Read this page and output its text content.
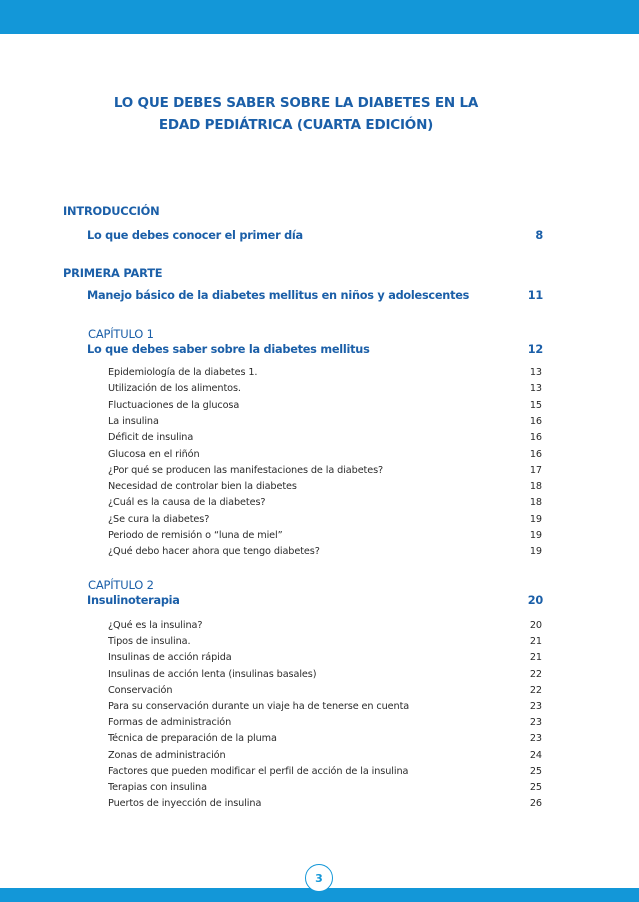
LO QUE DEBES SABER SOBRE LA DIABETES EN LA
EDAD PEDIÁTRICA (CUARTA EDICIÓN)
INTRODUCCIÓN
Lo que debes conocer el primer día	8
PRIMERA PARTE
Manejo básico de la diabetes mellitus en niños y adolescentes	11
CAPÍTULO 1
Lo que debes saber sobre la diabetes mellitus	12
Epidemiología de la diabetes 1.	13
Utilización de los alimentos.	13
Fluctuaciones de la glucosa	15
La insulina	16
Déficit de insulina	16
Glucosa en el riñón	16
¿Por qué se producen las manifestaciones de la diabetes?	17
Necesidad de controlar bien la diabetes	18
¿Cuál es la causa de la diabetes?	18
¿Se cura la diabetes?	19
Periodo de remisión o “luna de miel”	19
¿Qué debo hacer ahora que tengo diabetes?	19
CAPÍTULO 2
Insulinoterapia	20
¿Qué es la insulina?	20
Tipos de insulina.	21
Insulinas de acción rápida	21
Insulinas de acción lenta (insulinas basales)	22
Conservación	22
Para su conservación durante un viaje ha de tenerse en cuenta	23
Formas de administración	23
Técnica de preparación de la pluma	23
Zonas de administración	24
Factores que pueden modificar el perfil de acción de la insulina	25
Terapias con insulina	25
Puertos de inyección de insulina	26
3
